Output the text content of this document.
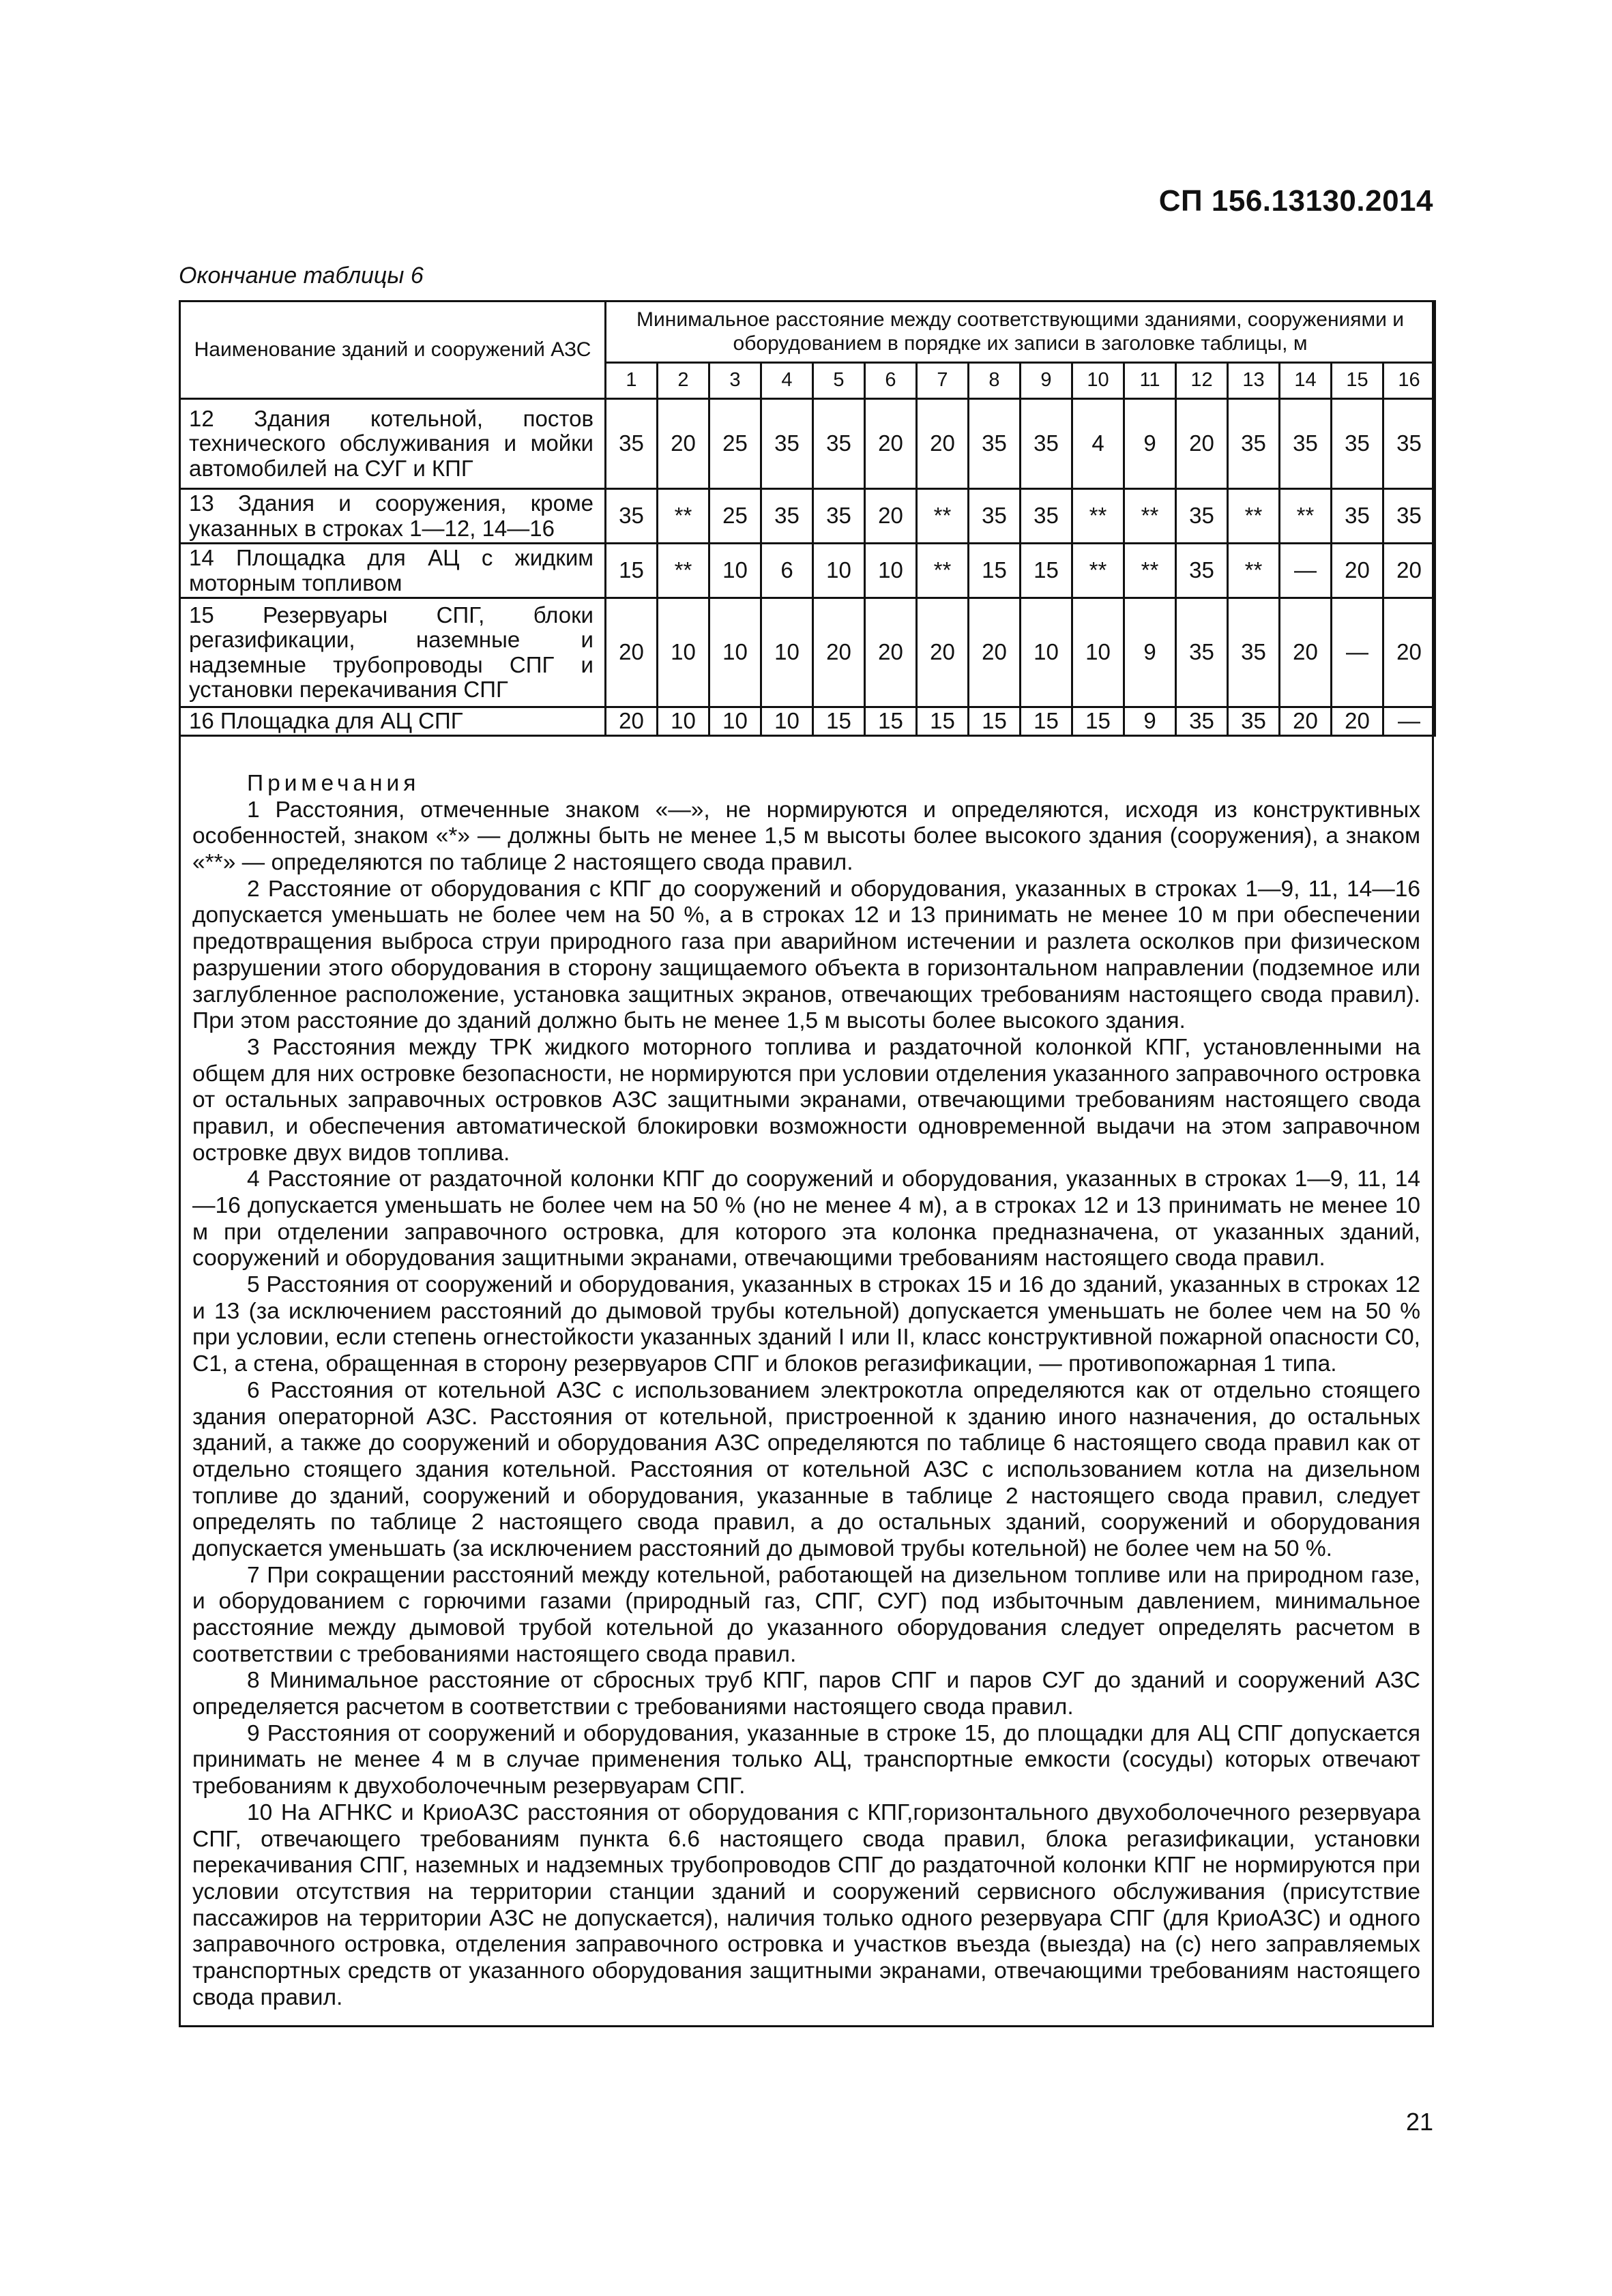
СП 156.13130.2014
Окончание таблицы 6
Наименование зданий и сооружений АЗС	Минимальное расстояние между соответствующими зданиями, сооружениями и оборудованием в порядке их записи в заголовке таблицы, м															
	1	2	3	4	5	6	7	8	9	10	11	12	13	14	15	16
12 Здания котельной, постов технического обслуживания и мойки автомобилей на СУГ и КПГ	35	20	25	35	35	20	20	35	35	4	9	20	35	35	35	35
13 Здания и сооружения, кроме указанных в строках 1—12, 14—16	35	**	25	35	35	20	**	35	35	**	**	35	**	**	35	35
14 Площадка для АЦ с жидким моторным топливом	15	**	10	6	10	10	**	15	15	**	**	35	**	—	20	20
15 Резервуары СПГ, блоки регазификации, наземные и надземные трубопроводы СПГ и установки перекачивания СПГ	20	10	10	10	20	20	20	20	10	10	9	35	35	20	—	20
16 Площадка для АЦ СПГ	20	10	10	10	15	15	15	15	15	15	9	35	35	20	20	—
Примечания

1 Расстояния, отмеченные знаком «—», не нормируются и определяются, исходя из конструктивных особенностей, знаком «*» — должны быть не менее 1,5 м высоты более высокого здания (сооружения), а знаком «**» — определяются по таблице 2 настоящего свода правил.

2 Расстояние от оборудования с КПГ до сооружений и оборудования, указанных в строках 1—9, 11, 14—16 допускается уменьшать не более чем на 50 %, а в строках 12 и 13 принимать не менее 10 м при обеспечении предотвращения выброса струи природного газа при аварийном истечении и разлета осколков при физическом разрушении этого оборудования в сторону защищаемого объекта в горизонтальном направлении (подземное или заглубленное расположение, установка защитных экранов, отвечающих требованиям настоящего свода правил). При этом расстояние до зданий должно быть не менее 1,5 м высоты более высокого здания.

3 Расстояния между ТРК жидкого моторного топлива и раздаточной колонкой КПГ, установленными на общем для них островке безопасности, не нормируются при условии отделения указанного заправочного островка от остальных заправочных островков АЗС защитными экранами, отвечающими требованиям настоящего свода правил, и обеспечения автоматической блокировки возможности одновременной выдачи на этом заправочном островке двух видов топлива.

4 Расстояние от раздаточной колонки КПГ до сооружений и оборудования, указанных в строках 1—9, 11, 14—16 допускается уменьшать не более чем на 50 % (но не менее 4 м), а в строках 12 и 13 принимать не менее 10 м при отделении заправочного островка, для которого эта колонка предназначена, от указанных зданий, сооружений и оборудования защитными экранами, отвечающими требованиям настоящего свода правил.

5 Расстояния от сооружений и оборудования, указанных в строках 15 и 16 до зданий, указанных в строках 12 и 13 (за исключением расстояний до дымовой трубы котельной) допускается уменьшать не более чем на 50 % при условии, если степень огнестойкости указанных зданий I или II, класс конструктивной пожарной опасности С0, С1, а стена, обращенная в сторону резервуаров СПГ и блоков регазификации, — противопожарная 1 типа.

6 Расстояния от котельной АЗС с использованием электрокотла определяются как от отдельно стоящего здания операторной АЗС. Расстояния от котельной, пристроенной к зданию иного назначения, до остальных зданий, а также до сооружений и оборудования АЗС определяются по таблице 6 настоящего свода правил как от отдельно стоящего здания котельной. Расстояния от котельной АЗС с использованием котла на дизельном топливе до зданий, сооружений и оборудования, указанные в таблице 2 настоящего свода правил, следует определять по таблице 2 настоящего свода правил, а до остальных зданий, сооружений и оборудования допускается уменьшать (за исключением расстояний до дымовой трубы котельной) не более чем на 50 %.

7 При сокращении расстояний между котельной, работающей на дизельном топливе или на природном газе, и оборудованием с горючими газами (природный газ, СПГ, СУГ) под избыточным давлением, минимальное расстояние между дымовой трубой котельной до указанного оборудования следует определять расчетом в соответствии с требованиями настоящего свода правил.

8 Минимальное расстояние от сбросных труб КПГ, паров СПГ и паров СУГ до зданий и сооружений АЗС определяется расчетом в соответствии с требованиями настоящего свода правил.

9 Расстояния от сооружений и оборудования, указанные в строке 15, до площадки для АЦ СПГ допускается принимать не менее 4 м в случае применения только АЦ, транспортные емкости (сосуды) которых отвечают требованиям к двухоболочечным резервуарам СПГ.

10 На АГНКС и КриоАЗС расстояния от оборудования с КПГ,горизонтального двухоболочечного резервуара СПГ, отвечающего требованиям пункта 6.6 настоящего свода правил, блока регазификации, установки перекачивания СПГ, наземных и надземных трубопроводов СПГ до раздаточной колонки КПГ не нормируются при условии отсутствия на территории станции зданий и сооружений сервисного обслуживания (присутствие пассажиров на территории АЗС не допускается), наличия только одного резервуара СПГ (для КриоАЗС) и одного заправочного островка, отделения заправочного островка и участков въезда (выезда) на (с) него заправляемых транспортных средств от указанного оборудования защитными экранами, отвечающими требованиям настоящего свода правил.

21
